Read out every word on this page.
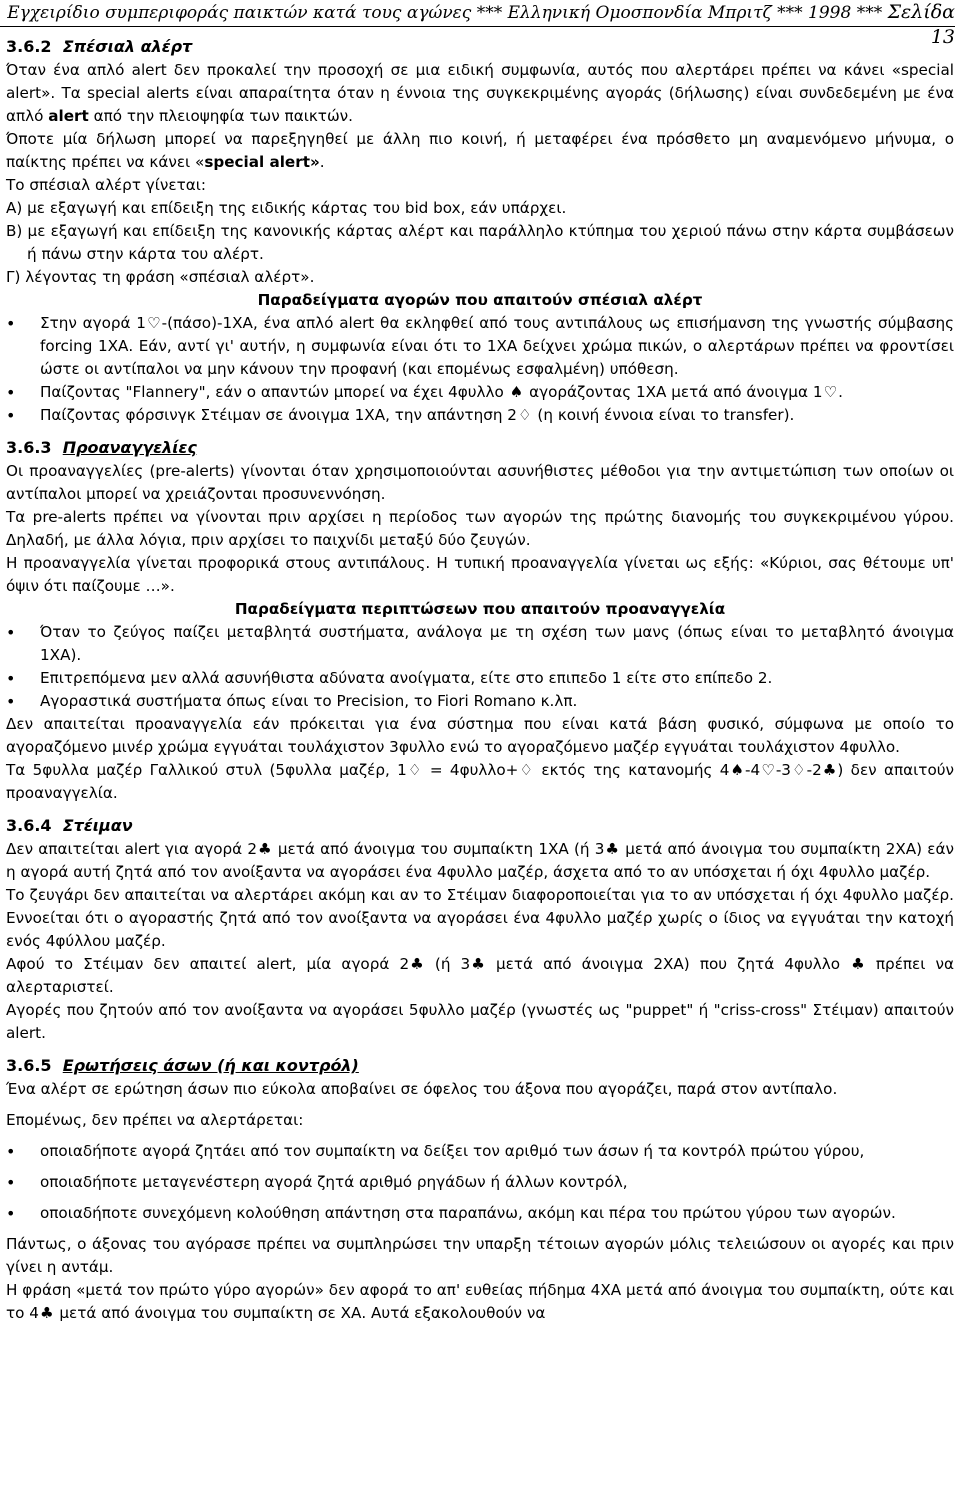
Εγχειρίδιο συμπεριφοράς παικτών κατά τους αγώνες *** Ελληνική Ομοσπονδία Μπριτζ *** 1998 *** Σελίδα 13

3.6.2 Σπέσιαλ αλέρτ

Όταν ένα απλό alert δεν προκαλεί την προσοχή σε μια ειδική συμφωνία, αυτός που αλερτάρει πρέπει να κάνει «special alert». Τα special alerts είναι απαραίτητα όταν η έννοια της συγκεκριμένης αγοράς (δήλωσης) είναι συνδεδεμένη με ένα απλό alert από την πλειοψηφία των παικτών.

Όποτε μία δήλωση μπορεί να παρεξηγηθεί με άλλη πιο κοινή, ή μεταφέρει ένα πρόσθετο μη αναμενόμενο μήνυμα, ο παίκτης πρέπει να κάνει «special alert».

Το σπέσιαλ αλέρτ γίνεται:

Α) με εξαγωγή και επίδειξη της ειδικής κάρτας του bid box, εάν υπάρχει.

Β) με εξαγωγή και επίδειξη της κανονικής κάρτας αλέρτ και παράλληλο κτύπημα του χεριού πάνω στην κάρτα συμβάσεων ή πάνω στην κάρτα του αλέρτ.

Γ) λέγοντας τη φράση «σπέσιαλ αλέρτ».

Παραδείγματα αγορών που απαιτούν σπέσιαλ αλέρτ

•
Στην αγορά 1♡-(πάσο)-1ΧΑ, ένα απλό alert θα εκληφθεί από τους αντιπάλους ως επισήμανση της γνωστής σύμβασης forcing 1ΧΑ. Εάν, αντί γι' αυτήν, η συμφωνία είναι ότι το 1ΧΑ δείχνει χρώμα πικών, ο αλερτάρων πρέπει να φροντίσει ώστε οι αντίπαλοι να μην κάνουν την προφανή (και επομένως εσφαλμένη) υπόθεση.
•
Παίζοντας "Flannery", εάν ο απαντών μπορεί να έχει 4φυλλο ♠ αγοράζοντας 1ΧΑ μετά από άνοιγμα 1♡.
•
Παίζοντας φόρσινγκ Στέιμαν σε άνοιγμα 1ΧΑ, την απάντηση 2♢ (η κοινή έννοια είναι το transfer).

3.6.3 Προαναγγελίες

Οι προαναγγελίες (pre-alerts) γίνονται όταν χρησιμοποιούνται ασυνήθιστες μέθοδοι για την αντιμετώπιση των οποίων οι αντίπαλοι μπορεί να χρειάζονται προσυνεννόηση.

Τα pre-alerts πρέπει να γίνονται πριν αρχίσει η περίοδος των αγορών της πρώτης διανομής του συγκεκριμένου γύρου. Δηλαδή, με άλλα λόγια, πριν αρχίσει το παιχνίδι μεταξύ δύο ζευγών.

Η προαναγγελία γίνεται προφορικά στους αντιπάλους. Η τυπική προαναγγελία γίνεται ως εξής: «Κύριοι, σας θέτουμε υπ' όψιν ότι παίζουμε …».

Παραδείγματα περιπτώσεων που απαιτούν προαναγγελία

•
Όταν το ζεύγος παίζει μεταβλητά συστήματα, ανάλογα με τη σχέση των μανς (όπως είναι το μεταβλητό άνοιγμα 1ΧΑ).
•
Επιτρεπόμενα μεν αλλά ασυνήθιστα αδύνατα ανοίγματα, είτε στο επιπεδο 1 είτε στο επίπεδο 2.
•
Αγοραστικά συστήματα όπως είναι το Precision, το Fiori Romano κ.λπ.

Δεν απαιτείται προαναγγελία εάν πρόκειται για ένα σύστημα που είναι κατά βάση φυσικό, σύμφωνα με οποίο το αγοραζόμενο μινέρ χρώμα εγγυάται τουλάχιστον 3φυλλο ενώ το αγοραζόμενο μαζέρ εγγυάται τουλάχιστον 4φυλλο.

Τα 5φυλλα μαζέρ Γαλλικού στυλ (5φυλλα μαζέρ, 1♢ = 4φυλλο+♢ εκτός της κατανομής 4♠-4♡-3♢-2♣) δεν απαιτούν προαναγγελία.

3.6.4 Στέιμαν

Δεν απαιτείται alert για αγορά 2♣ μετά από άνοιγμα του συμπαίκτη 1ΧΑ (ή 3♣ μετά από άνοιγμα του συμπαίκτη 2ΧΑ) εάν η αγορά αυτή ζητά από τον ανοίξαντα να αγοράσει ένα 4φυλλο μαζέρ, άσχετα από το αν υπόσχεται ή όχι 4φυλλο μαζέρ.

Το ζευγάρι δεν απαιτείται να αλερτάρει ακόμη και αν το Στέιμαν διαφοροποιείται για το αν υπόσχεται ή όχι 4φυλλο μαζέρ. Εννοείται ότι ο αγοραστής ζητά από τον ανοίξαντα να αγοράσει ένα 4φυλλο μαζέρ χωρίς ο ίδιος να εγγυάται την κατοχή ενός 4φύλλου μαζέρ.

Αφού το Στέιμαν δεν απαιτεί alert, μία αγορά 2♣ (ή 3♣ μετά από άνοιγμα 2ΧΑ) που ζητά 4φυλλο ♣ πρέπει να αλερταριστεί.

Αγορές που ζητούν από τον ανοίξαντα να αγοράσει 5φυλλο μαζέρ (γνωστές ως "puppet" ή "criss-cross" Στέιμαν) απαιτούν alert.

3.6.5 Ερωτήσεις άσων (ή και κοντρόλ)

Ένα αλέρτ σε ερώτηση άσων πιο εύκολα αποβαίνει σε όφελος του άξονα που αγοράζει, παρά στον αντίπαλο.

Επομένως, δεν πρέπει να αλερτάρεται:

•
οποιαδήποτε αγορά ζητάει από τον συμπαίκτη να δείξει τον αριθμό των άσων ή τα κοντρόλ πρώτου γύρου,
•
οποιαδήποτε μεταγενέστερη αγορά ζητά αριθμό ρηγάδων ή άλλων κοντρόλ,
•
οποιαδήποτε συνεχόμενη κολούθηση απάντηση στα παραπάνω, ακόμη και πέρα του πρώτου γύρου των αγορών.

Πάντως, ο άξονας του αγόρασε πρέπει να συμπληρώσει την υπαρξη τέτοιων αγορών μόλις τελειώσουν οι αγορές και πριν γίνει η αντάμ.

Η φράση «μετά τον πρώτο γύρο αγορών» δεν αφορά το απ' ευθείας πήδημα 4ΧΑ μετά από άνοιγμα του συμπαίκτη, ούτε και το 4♣ μετά από άνοιγμα του συμπαίκτη σε ΧΑ. Αυτά εξακολουθούν να
